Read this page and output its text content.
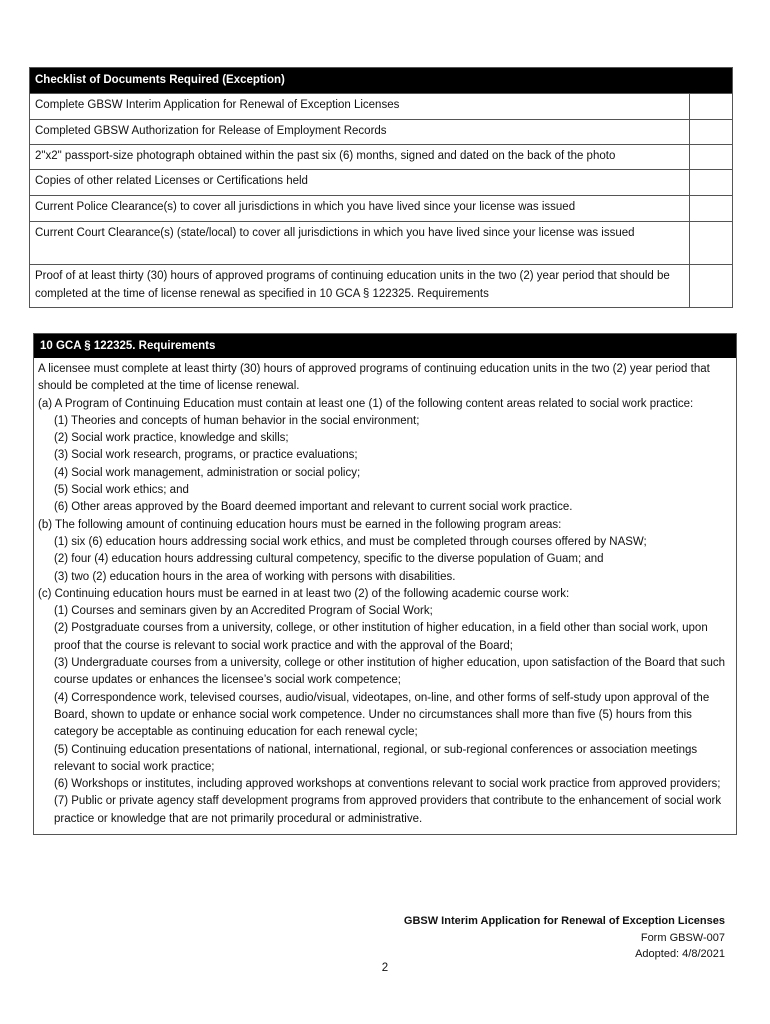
Checklist of Documents Required (Exception)
Complete GBSW Interim Application for Renewal of Exception Licenses
Completed GBSW Authorization for Release of Employment Records
2"x2" passport-size photograph obtained within the past six (6) months, signed and dated on the back of the photo
Copies of other related Licenses or Certifications held
Current Police Clearance(s) to cover all jurisdictions in which you have lived since your license was issued
Current Court Clearance(s) (state/local) to cover all jurisdictions in which you have lived since your license was issued
Proof of at least thirty (30) hours of approved programs of continuing education units in the two (2) year period that should be completed at the time of license renewal as specified in 10 GCA § 122325. Requirements
10 GCA § 122325. Requirements
A licensee must complete at least thirty (30) hours of approved programs of continuing education units in the two (2) year period that should be completed at the time of license renewal.
(a) A Program of Continuing Education must contain at least one (1) of the following content areas related to social work practice:
(1) Theories and concepts of human behavior in the social environment;
(2) Social work practice, knowledge and skills;
(3) Social work research, programs, or practice evaluations;
(4) Social work management, administration or social policy;
(5) Social work ethics; and
(6) Other areas approved by the Board deemed important and relevant to current social work practice.
(b) The following amount of continuing education hours must be earned in the following program areas:
(1) six (6) education hours addressing social work ethics, and must be completed through courses offered by NASW;
(2) four (4) education hours addressing cultural competency, specific to the diverse population of Guam; and
(3) two (2) education hours in the area of working with persons with disabilities.
(c) Continuing education hours must be earned in at least two (2) of the following academic course work:
(1) Courses and seminars given by an Accredited Program of Social Work;
(2) Postgraduate courses from a university, college, or other institution of higher education, in a field other than social work, upon proof that the course is relevant to social work practice and with the approval of the Board;
(3) Undergraduate courses from a university, college or other institution of higher education, upon satisfaction of the Board that such course updates or enhances the licensee’s social work competence;
(4) Correspondence work, televised courses, audio/visual, videotapes, on-line, and other forms of self-study upon approval of the Board, shown to update or enhance social work competence. Under no circumstances shall more than five (5) hours from this category be acceptable as continuing education for each renewal cycle;
(5) Continuing education presentations of national, international, regional, or sub-regional conferences or association meetings relevant to social work practice;
(6) Workshops or institutes, including approved workshops at conventions relevant to social work practice from approved providers;
(7) Public or private agency staff development programs from approved providers that contribute to the enhancement of social work practice or knowledge that are not primarily procedural or administrative.
GBSW Interim Application for Renewal of Exception Licenses
Form GBSW-007
Adopted: 4/8/2021
2
